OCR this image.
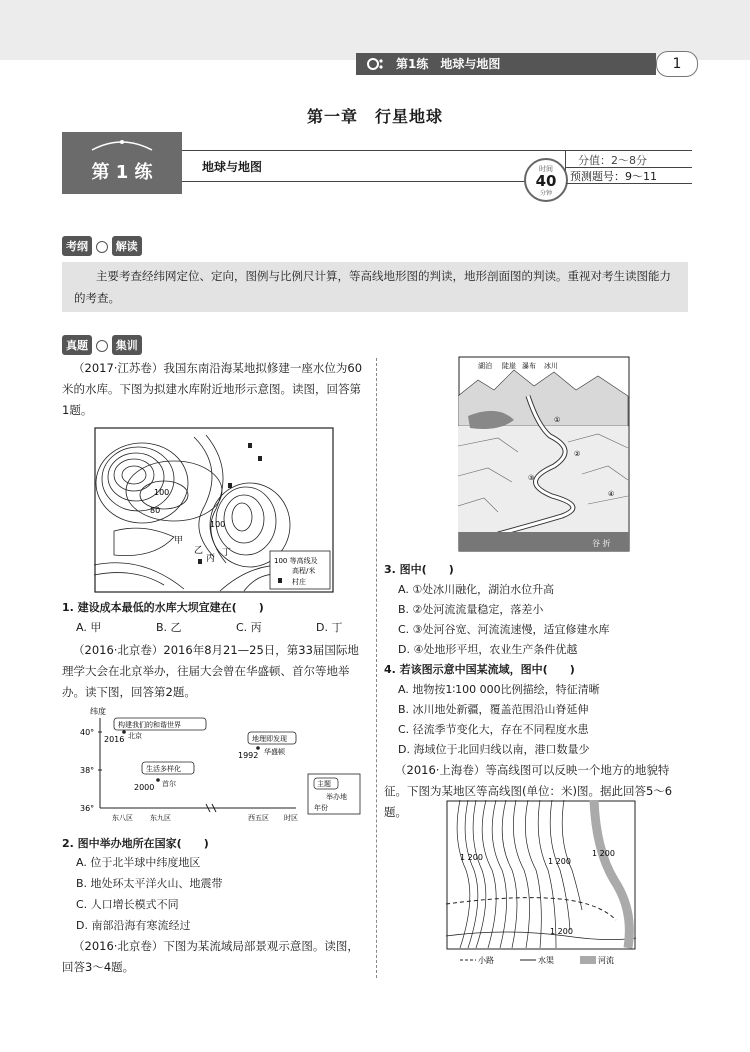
第1练　地球与地图	1
第一章　行星地球
第 1 练	地球与地图	时间
40
分钟
分值：2～8分
预测题号：9～11
考纲	解读
主要考查经纬网定位、定向，图例与比例尺计算，等高线地形图的判读，地形剖面图的判读。重视对考生读图能力的考查。
真题	集训
（2017·江苏卷）我国东南沿海某地拟修建一座水位为60米的水库。下图为拟建水库附近地形示意图。读图，回答第1题。
100
80
100
甲
乙
丙
丁
100 等高线及
高程/米
村庄
1. 建设成本最低的水库大坝宜建在(　　)
A. 甲	B. 乙	C. 丙	D. 丁
（2016·北京卷）2016年8月21—25日，第33届国际地理学大会在北京举办，往届大会曾在华盛顿、首尔等地举办。读下图，回答第2题。
纬度
40°
38°
36°
东八区 东九区	西五区 时区
构建我们的和谐世界
2016 北京
生活多样化
2000 首尔
地理即发现
1992 华盛顿
主题
举办地
年份
2. 图中举办地所在国家(　　)
A. 位于北半球中纬度地区
B. 地处环太平洋火山、地震带
C. 人口增长模式不同
D. 南部沿海有寒流经过
（2016·北京卷）下图为某流域局部景观示意图。读图，回答3～4题。
谷 折
湖泊 陡崖 瀑布 冰川
①
②
③
④
3. 图中(　　)
A. ①处冰川融化，湖泊水位升高
B. ②处河流流量稳定，落差小
C. ③处河谷宽、河流流速慢，适宜修建水库
D. ④处地形平坦，农业生产条件优越
4. 若该图示意中国某流域，图中(　　)
A. 地物按1∶100 000比例描绘，特征清晰
B. 冰川地处新疆，覆盖范围沿山脊延伸
C. 径流季节变化大，存在不同程度水患
D. 海域位于北回归线以南，港口数量少
（2016·上海卷）等高线图可以反映一个地方的地貌特征。下图为某地区等高线图(单位：米)图。据此回答5～6题。
1 200	1 200
1 200
1 200
小路	水渠	河流
